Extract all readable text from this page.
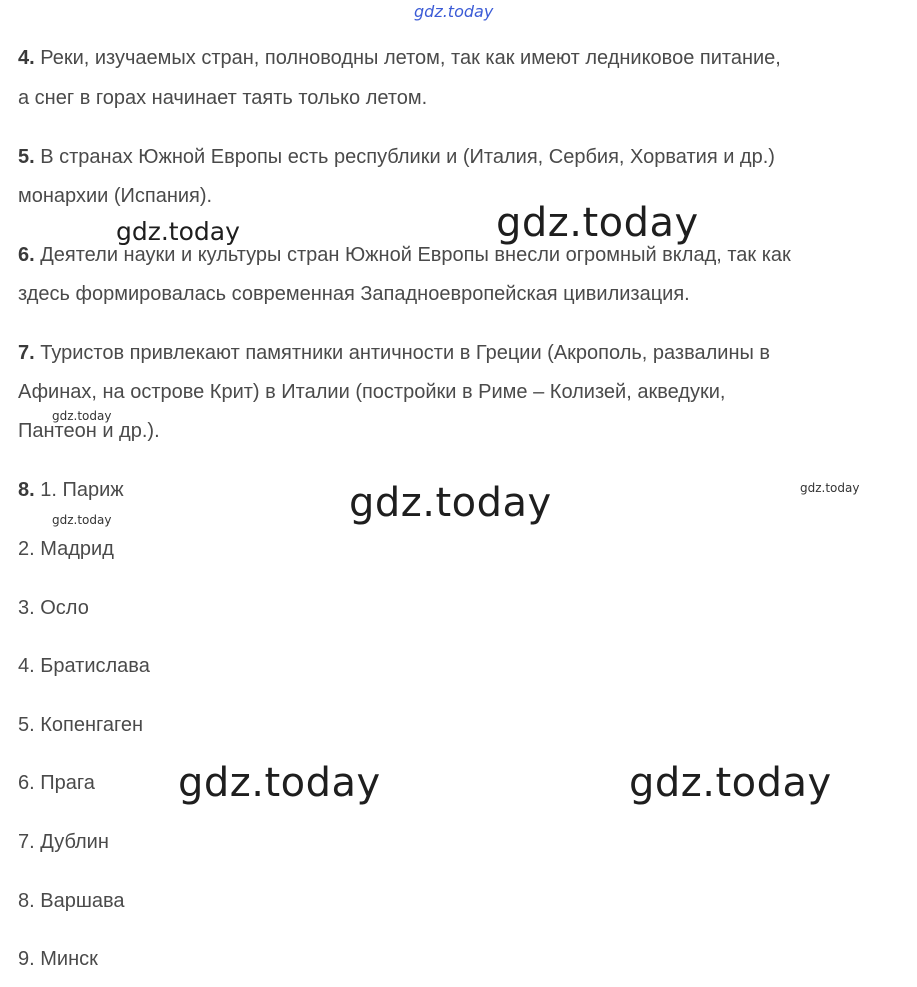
gdz.today
gdz.today	gdz.today
gdz.today
gdz.today	gdz.today
gdz.today
gdz.today	gdz.today
4. Реки, изучаемых стран, полноводны летом, так как имеют ледниковое питание,
а снег в горах начинает таять только летом.
5. В странах Южной Европы есть республики и (Италия, Сербия, Хорватия и др.)
монархии (Испания).
6. Деятели науки и культуры стран Южной Европы внесли огромный вклад, так как
здесь формировалась современная Западноевропейская цивилизация.
7. Туристов привлекают памятники античности в Греции (Акрополь, развалины в
Афинах, на острове Крит) в Италии (постройки в Риме – Колизей, акведуки,
Пантеон и др.).
8. 1. Париж
2. Мадрид
3. Осло
4. Братислава
5. Копенгаген
6. Прага
7. Дублин
8. Варшава
9. Минск
